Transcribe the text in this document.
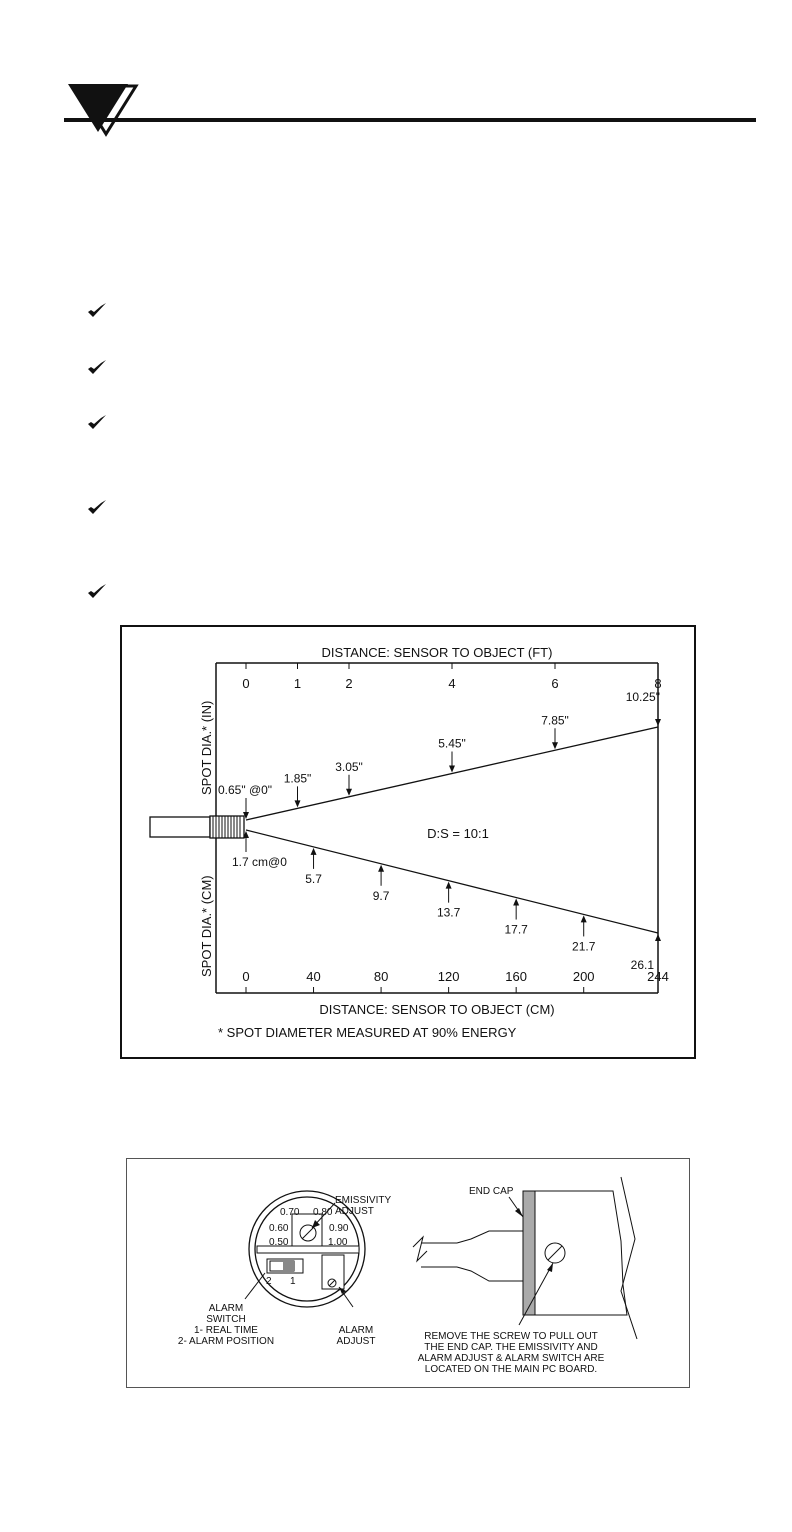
DISTANCE: SENSOR TO OBJECT (FT)
DISTANCE: SENSOR TO OBJECT (CM)
* SPOT DIAMETER MEASURED AT 90% ENERGY
D:S = 10:1
SPOT DIA.* (IN)
SPOT DIA.* (CM)
0	1	2	4	6	8
0	40	80	120	160	200	244
0.65" @0"
1.85"
3.05"
5.45"
7.85"
10.25"
1.7 cm@0
5.7
9.7
13.7
17.7
21.7
26.1
0.70 0.80
0.60	0.90
0.50	1.00
EMISSIVITY
ADJUST
2 1
ALARM
SWITCH
1- REAL TIME
2- ALARM POSITION
ALARM
ADJUST
END CAP
REMOVE THE SCREW TO PULL OUT
THE END CAP. THE EMISSIVITY AND
ALARM ADJUST & ALARM SWITCH ARE
LOCATED ON THE MAIN PC BOARD.
